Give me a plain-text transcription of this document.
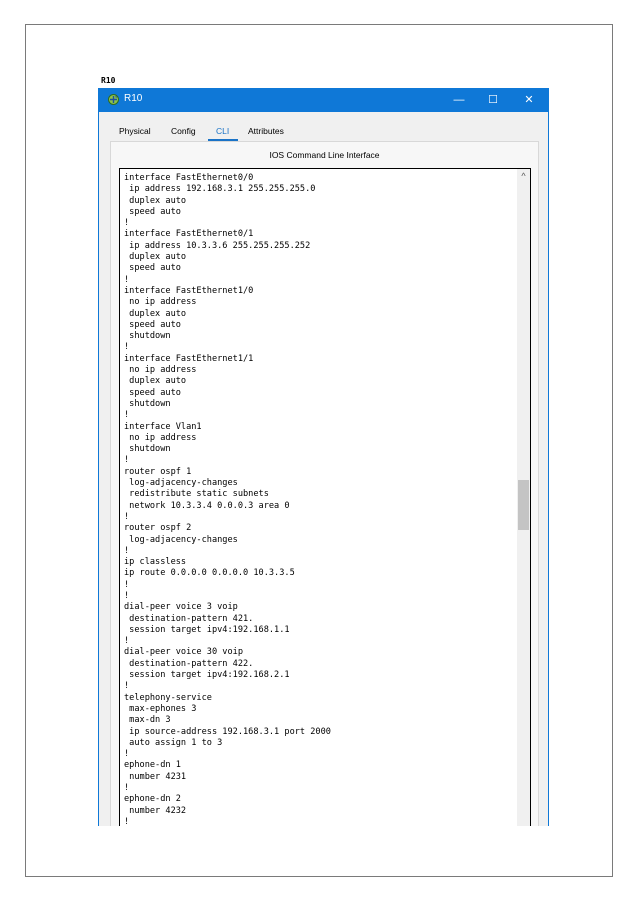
R10
R10	—	☐	✕
Physical Config CLI Attributes
IOS Command Line Interface
interface FastEthernet0/0
ip address 192.168.3.1 255.255.255.0
duplex auto
speed auto
!
interface FastEthernet0/1
ip address 10.3.3.6 255.255.255.252
duplex auto
speed auto
!
interface FastEthernet1/0
no ip address
duplex auto
speed auto
shutdown
!
interface FastEthernet1/1
no ip address
duplex auto
speed auto
shutdown
!
interface Vlan1
no ip address
shutdown
!
router ospf 1
log-adjacency-changes
redistribute static subnets
network 10.3.3.4 0.0.0.3 area 0
!
router ospf 2
log-adjacency-changes
!
ip classless
ip route 0.0.0.0 0.0.0.0 10.3.3.5
!
!
dial-peer voice 3 voip
destination-pattern 421.
session target ipv4:192.168.1.1
!
dial-peer voice 30 voip
destination-pattern 422.
session target ipv4:192.168.2.1
!
telephony-service
max-ephones 3
max-dn 3
ip source-address 192.168.3.1 port 2000
auto assign 1 to 3
!
ephone-dn 1
number 4231
!
ephone-dn 2
number 4232
!
^
